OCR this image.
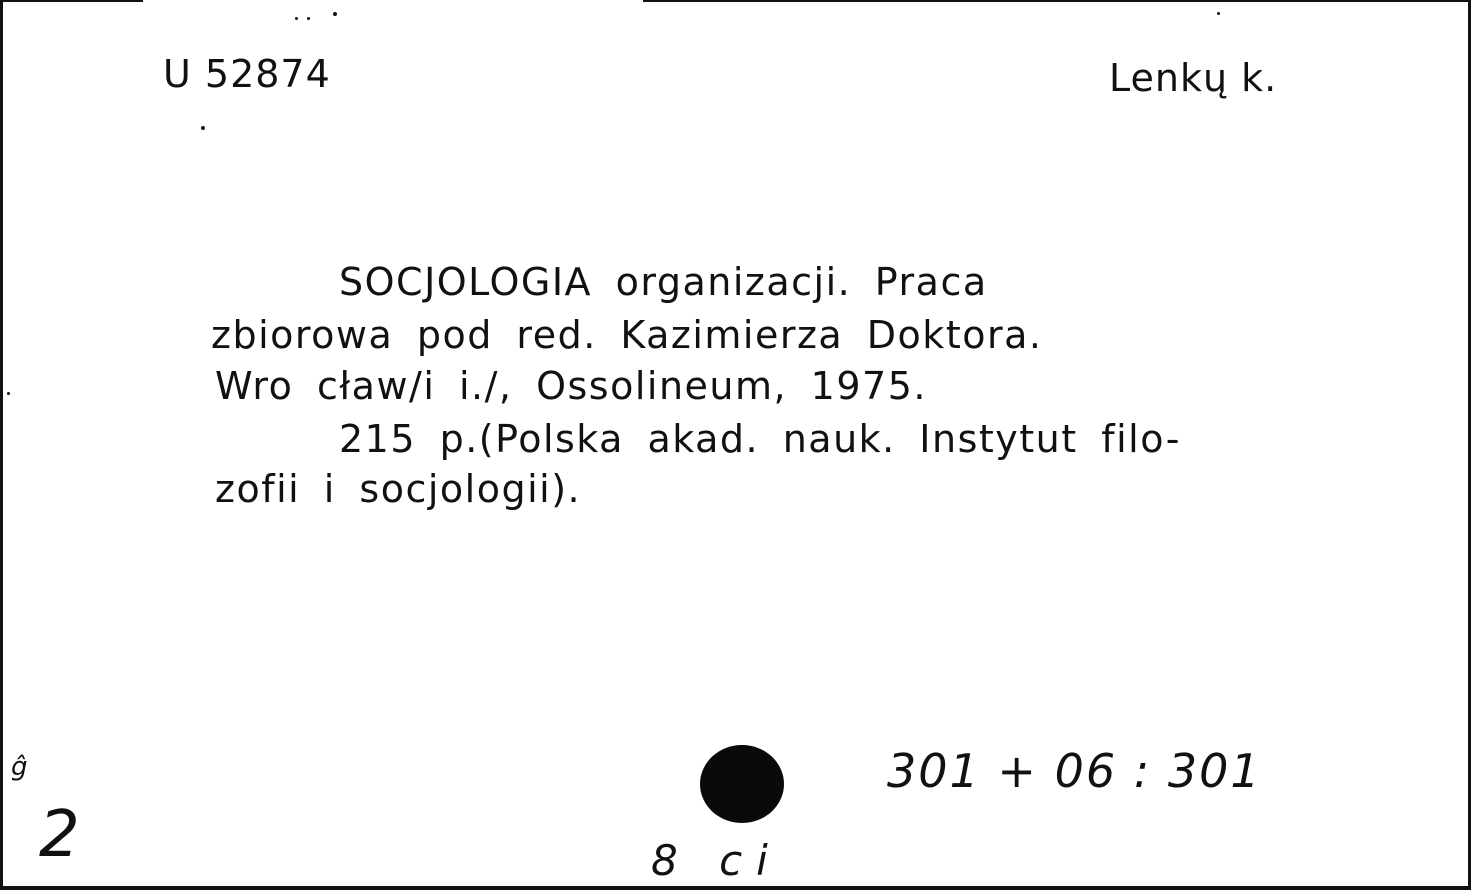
U 52874	Lenkų k.
SOCJOLOGIA organizacji. Praca
zbiorowa pod red. Kazimierza Doktora.
Wro cław/i i./, Ossolineum, 1975.
215 p.(Polska akad. nauk. Instytut filo-
zofii i socjologii).
301 + 06 : 301
2
ĝ
8 ci
